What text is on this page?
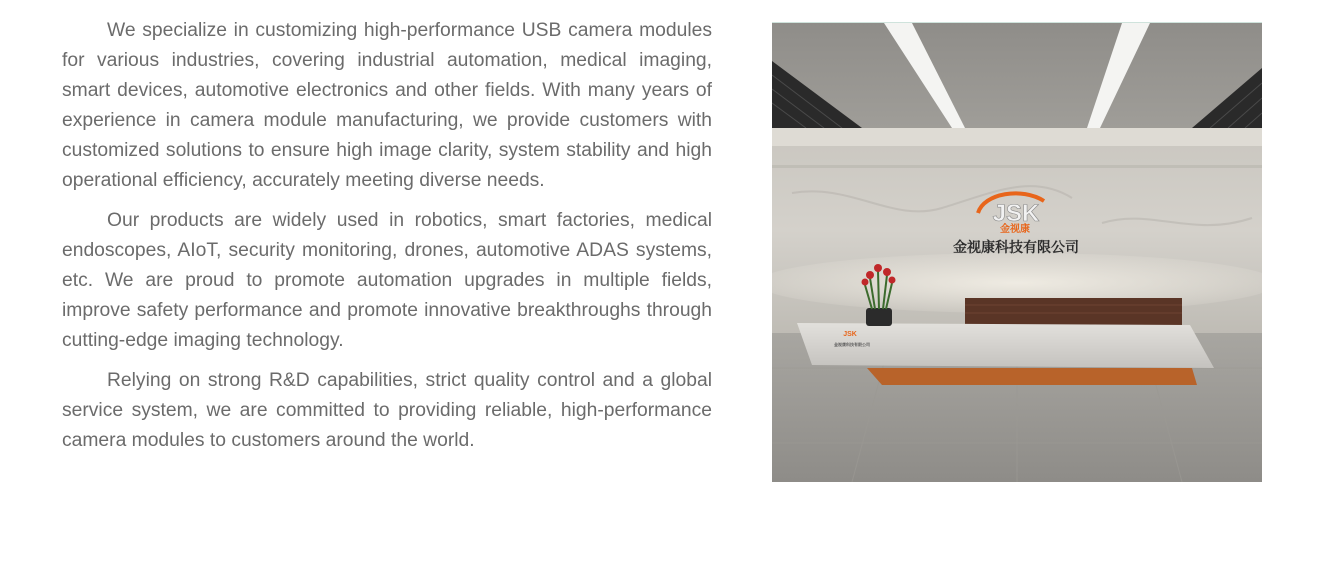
We specialize in customizing high-performance USB camera modules for various industries, covering industrial automation, medical imaging, smart devices, automotive electronics and other fields. With many years of experience in camera module manufacturing, we provide customers with customized solutions to ensure high image clarity, system stability and high operational efficiency, accurately meeting diverse needs.

Our products are widely used in robotics, smart factories, medical endoscopes, AIoT, security monitoring, drones, automotive ADAS systems, etc. We are proud to promote automation upgrades in multiple fields, improve safety performance and promote innovative breakthroughs through cutting-edge imaging technology.

Relying on strong R&D capabilities, strict quality control and a global service system, we are committed to providing reliable, high-performance camera modules to customers around the world.

JSK
金视康
金视康科技有限公司
JSK
金视康科技有限公司
